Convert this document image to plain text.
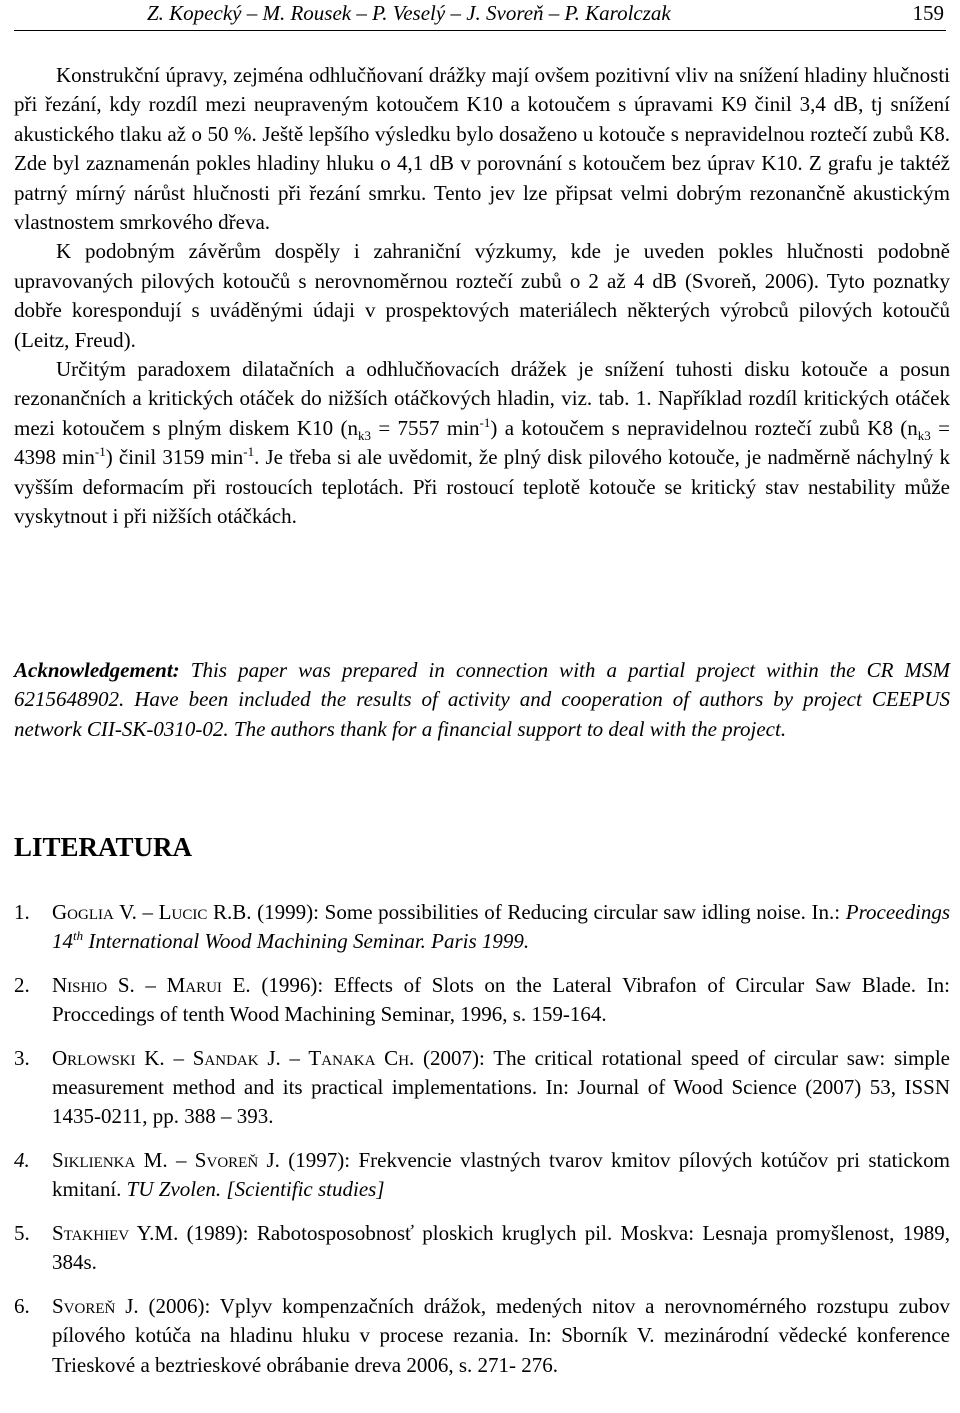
Z. Kopecký – M. Rousek – P. Veselý – J. Svoreň – P. Karolczak	159

Konstrukční úpravy, zejména odhlučňovaní drážky mají ovšem pozitivní vliv na snížení hladiny hlučnosti při řezání, kdy rozdíl mezi neupraveným kotoučem K10 a kotoučem s úpravami K9 činil 3,4 dB, tj snížení akustického tlaku až o 50 %. Ještě lepšího výsledku bylo dosaženo u kotouče s nepravidelnou roztečí zubů K8. Zde byl zaznamenán pokles hladiny hluku o 4,1 dB v porovnání s kotoučem bez úprav K10. Z grafu je taktéž patrný mírný nárůst hlučnosti při řezání smrku. Tento jev lze připsat velmi dobrým rezonančně akustickým vlastnostem smrkového dřeva.

K podobným závěrům dospěly i zahraniční výzkumy, kde je uveden pokles hlučnosti podobně upravovaných pilových kotoučů s nerovnoměrnou roztečí zubů o 2 až 4 dB (Svoreň, 2006). Tyto poznatky dobře korespondují s uváděnými údaji v prospektových materiálech některých výrobců pilových kotoučů (Leitz, Freud).

Určitým paradoxem dilatačních a odhlučňovacích drážek je snížení tuhosti disku kotouče a posun rezonančních a kritických otáček do nižších otáčkových hladin, viz. tab. 1. Například rozdíl kritických otáček mezi kotoučem s plným diskem K10 ($n_{k3} = 7557$ $\min^{-1}$) a kotoučem s nepravidelnou roztečí zubů K8 ($n_{k3} = 4398$ $\min^{-1}$) činil 3159 $\min^{-1}$. Je třeba si ale uvědomit, že plný disk pilového kotouče, je nadměrně náchylný k vyšším deformacím při rostoucích teplotách. Při rostoucí teplotě kotouče se kritický stav nestability může vyskytnout i při nižších otáčkách.

Acknowledgement: This paper was prepared in connection with a partial project within the CR MSM 6215648902. Have been included the results of activity and cooperation of authors by project CEEPUS network CII-SK-0310-02. The authors thank for a financial support to deal with the project.
LITERATURA
1. Goglia V. – Lucic R.B. (1999): Some possibilities of Reducing circular saw idling noise. In.: Proceedings 14th International Wood Machining Seminar. Paris 1999.
2. Nishio S. – Marui E. (1996): Effects of Slots on the Lateral Vibrafon of Circular Saw Blade. In: Proccedings of tenth Wood Machining Seminar, 1996, s. 159-164.
3. Orlowski K. – Sandak J. – Tanaka Ch. (2007): The critical rotational speed of circular saw: simple measurement method and its practical implementations. In: Journal of Wood Science (2007) 53, ISSN 1435-0211, pp. 388 – 393.
4. Siklienka M. – Svoreň J. (1997): Frekvencie vlastných tvarov kmitov pílových kotúčov pri statickom kmitaní. TU Zvolen. [Scientific studies]
5. Stakhiev Y.M. (1989): Rabotosposobnosť ploskich kruglych pil. Moskva: Lesnaja promyšlenost, 1989, 384s.
6. Svoreň J. (2006): Vplyv kompenzačních drážok, medených nitov a nerovnomérného rozstupu zubov pílového kotúča na hladinu hluku v procese rezania. In: Sborník V. mezinárodní vědecké konference Trieskové a beztrieskové obrábanie dreva 2006, s. 271- 276.
